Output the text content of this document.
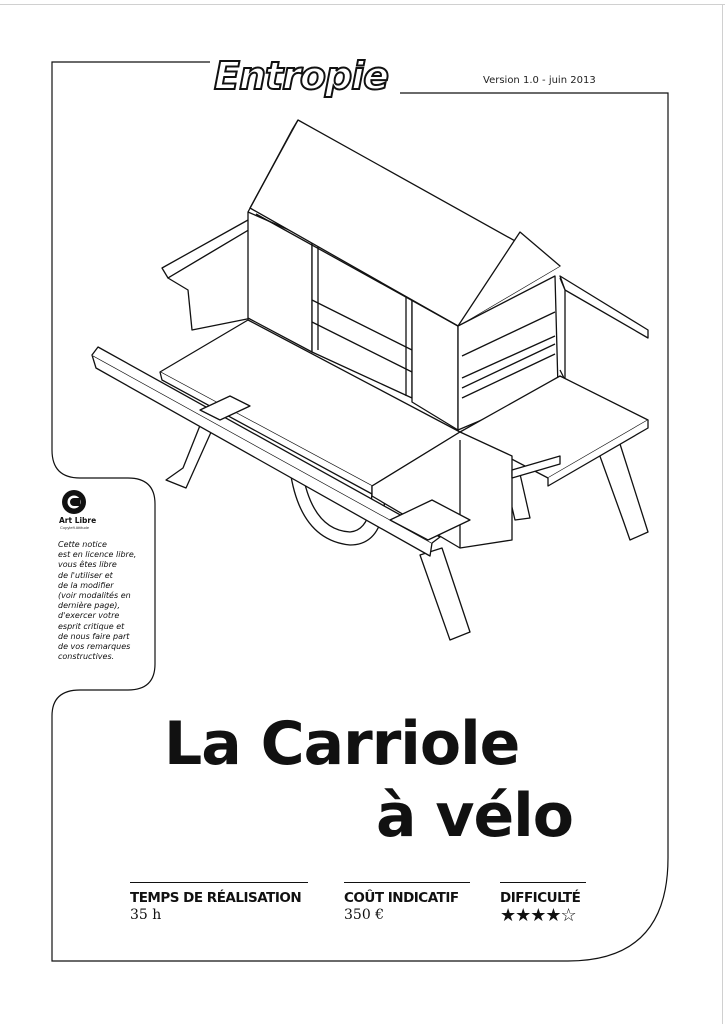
Entropie	Version 1.0 - juin 2013
Art Libre
Copyleft Attitude
Cette notice
est en licence libre,
vous êtes libre
de l'utiliser et
de la modifier
(voir modalités en
dernière page),
d'exercer votre
esprit critique et
de nous faire part
de vos remarques
constructives.
La Carriole
à vélo
TEMPS DE RÉALISATION
35 h
COÛT INDICATIF
350 €
DIFFICULTÉ
★★★★☆
